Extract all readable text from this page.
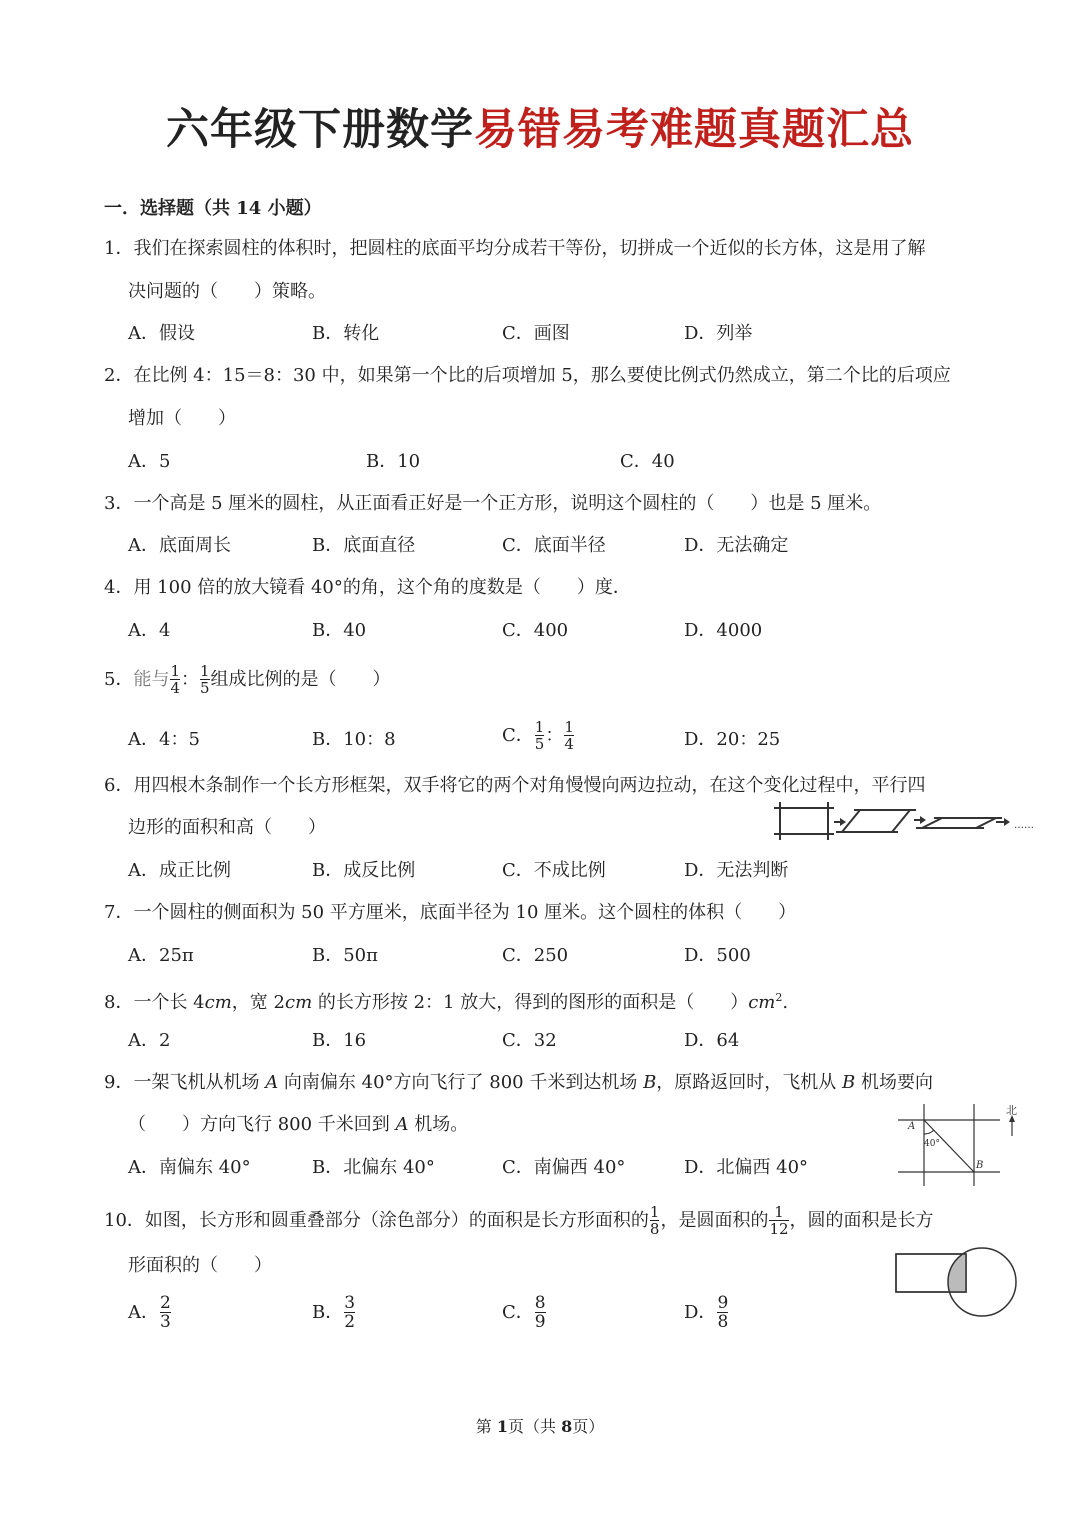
六年级下册数学易错易考难题真题汇总
一．选择题（共 14 小题）
1．我们在探索圆柱的体积时，把圆柱的底面平均分成若干等份，切拼成一个近似的长方体，这是用了解
决问题的（　　）策略。
A．假设	B．转化	C．画图	D．列举
2．在比例 4：15＝8：30 中，如果第一个比的后项增加 5，那么要使比例式仍然成立，第二个比的后项应
增加（　　）
A．5	B．10	C．40
3．一个高是 5 厘米的圆柱，从正面看正好是一个正方形，说明这个圆柱的（　　）也是 5 厘米。
A．底面周长	B．底面直径	C．底面半径	D．无法确定
4．用 100 倍的放大镜看 40°的角，这个角的度数是（　　）度．
A．4	B．40	C．400	D．4000
5．能与 $\frac{1}{4}$ ： $\frac{1}{5}$ 组成比例的是（　　）
A．4：5	B．10：8	C． $\frac{1}{5}$ ： $\frac{1}{4}$	D．20：25
6．用四根木条制作一个长方形框架，双手将它的两个对角慢慢向两边拉动，在这个变化过程中，平行四
边形的面积和高（　　）
A．成正比例	B．成反比例	C．不成比例	D．无法判断
……
7．一个圆柱的侧面积为 50 平方厘米，底面半径为 10 厘米。这个圆柱的体积（　　）
A．25π	B．50π	C．250	D．500
8．一个长 4cm，宽 2cm 的长方形按 2：1 放大，得到的图形的面积是（　　）$cm^2$.
A．2	B．16	C．32	D．64
9．一架飞机从机场 A 向南偏东 40°方向飞行了 800 千米到达机场 B，原路返回时，飞机从 B 机场要向
（　　）方向飞行 800 千米回到 A 机场。
A．南偏东 40°	B．北偏东 40°	C．南偏西 40°	D．北偏西 40°
北
A
B
40°
10．如图，长方形和圆重叠部分（涂色部分）的面积是长方形面积的 $\frac{1}{8}$ ，是圆面积的 $\frac{1}{12}$ ，圆的面积是长方
形面积的（　　）
A． $\frac{2}{3}$	B． $\frac{3}{2}$	C． $\frac{8}{9}$	D． $\frac{9}{8}$
第 1页（共 8页）
